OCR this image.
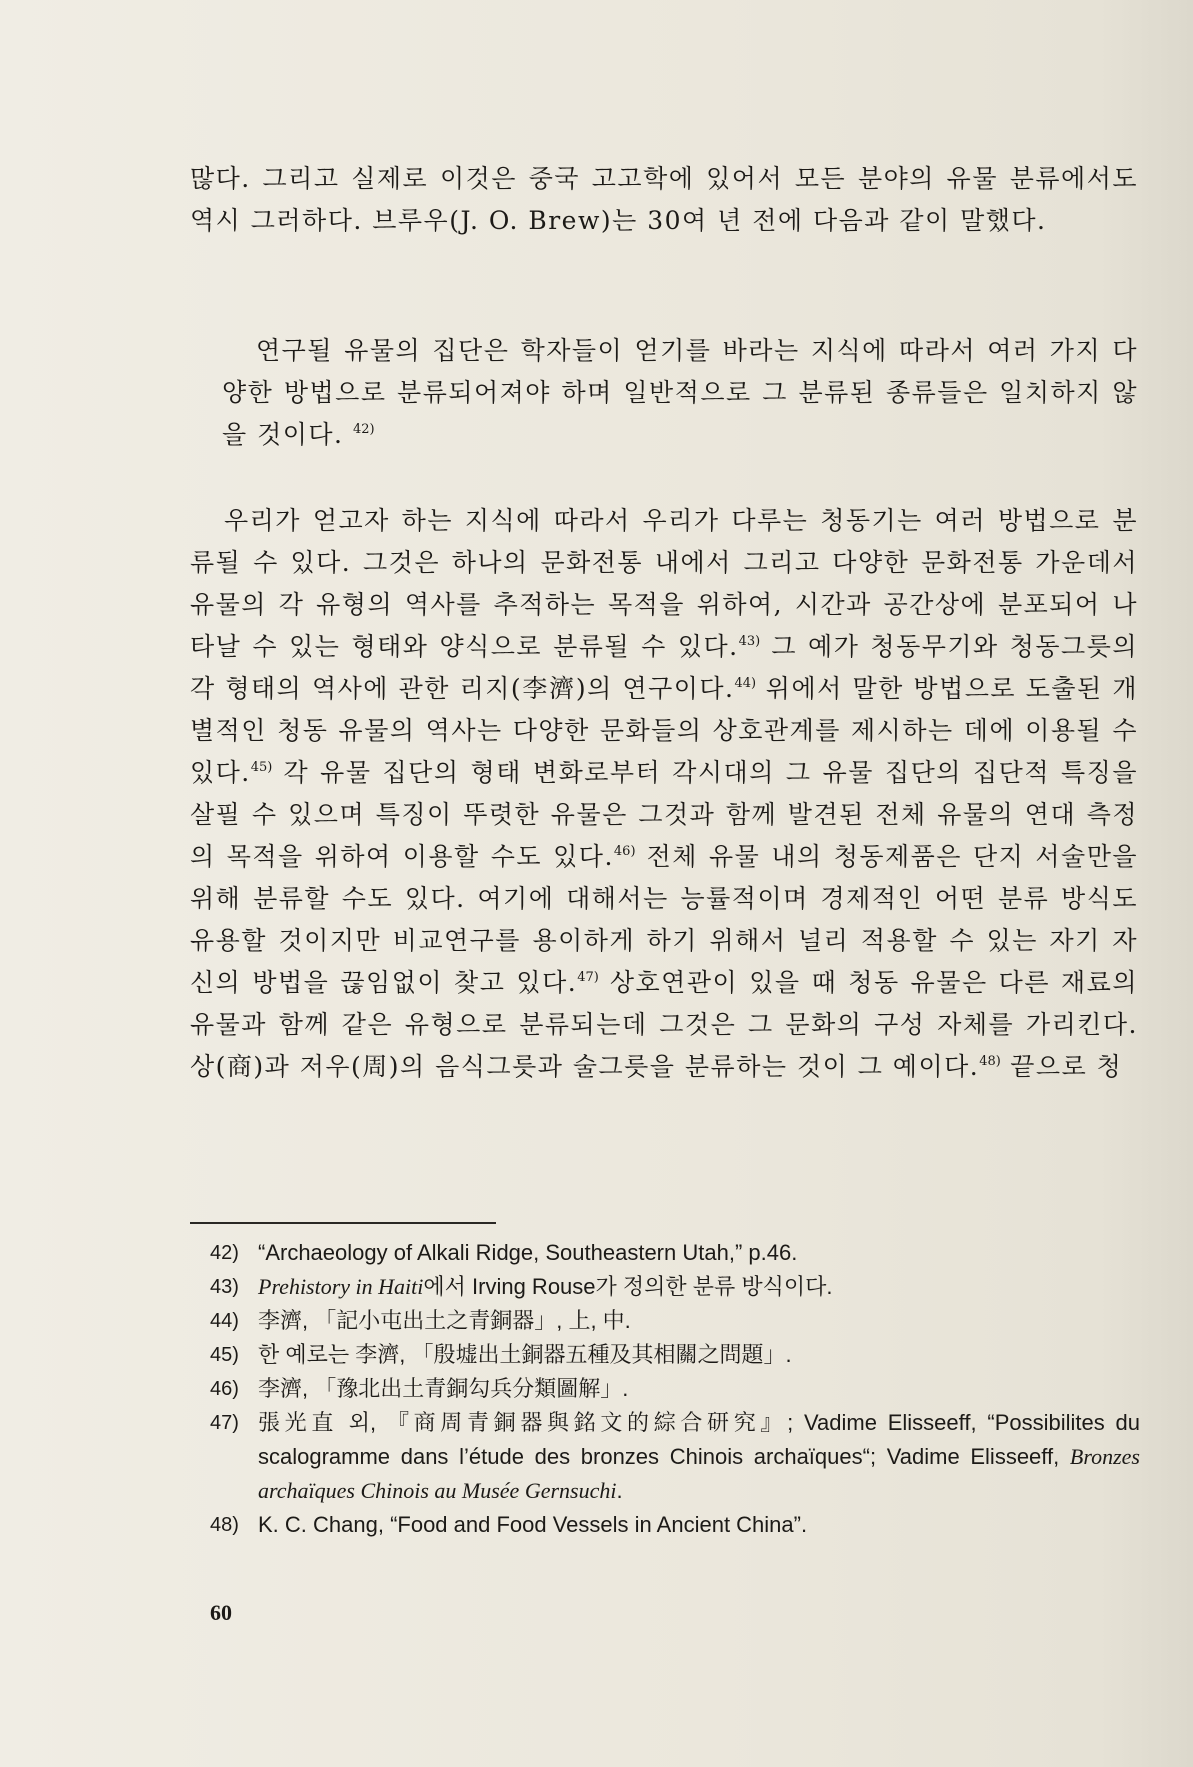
많다. 그리고 실제로 이것은 중국 고고학에 있어서 모든 분야의 유물 분류에서도 역시 그러하다. 브루우(J. O. Brew)는 30여 년 전에 다음과 같이 말했다.
연구될 유물의 집단은 학자들이 얻기를 바라는 지식에 따라서 여러 가지 다양한 방법으로 분류되어져야 하며 일반적으로 그 분류된 종류들은 일치하지 않을 것이다. $^{42)}$
우리가 얻고자 하는 지식에 따라서 우리가 다루는 청동기는 여러 방법으로 분류될 수 있다. 그것은 하나의 문화전통 내에서 그리고 다양한 문화전통 가운데서 유물의 각 유형의 역사를 추적하는 목적을 위하여, 시간과 공간상에 분포되어 나타날 수 있는 형태와 양식으로 분류될 수 있다.$^{43)}$ 그 예가 청동무기와 청동그릇의 각 형태의 역사에 관한 리지(李濟)의 연구이다.$^{44)}$ 위에서 말한 방법으로 도출된 개별적인 청동 유물의 역사는 다양한 문화들의 상호관계를 제시하는 데에 이용될 수 있다.$^{45)}$ 각 유물 집단의 형태 변화로부터 각시대의 그 유물 집단의 집단적 특징을 살필 수 있으며 특징이 뚜렷한 유물은 그것과 함께 발견된 전체 유물의 연대 측정의 목적을 위하여 이용할 수도 있다.$^{46)}$ 전체 유물 내의 청동제품은 단지 서술만을 위해 분류할 수도 있다. 여기에 대해서는 능률적이며 경제적인 어떤 분류 방식도 유용할 것이지만 비교연구를 용이하게 하기 위해서 널리 적용할 수 있는 자기 자신의 방법을 끊임없이 찾고 있다.$^{47)}$ 상호연관이 있을 때 청동 유물은 다른 재료의 유물과 함께 같은 유형으로 분류되는데 그것은 그 문화의 구성 자체를 가리킨다. 상(商)과 저우(周)의 음식그릇과 술그릇을 분류하는 것이 그 예이다.$^{48)}$ 끝으로 청
42) “Archaeology of Alkali Ridge, Southeastern Utah,” p.46.
43) Prehistory in Haiti에서 Irving Rouse가 정의한 분류 방식이다.
44) 李濟, 「記小屯出土之青銅器」, 上, 中.
45) 한 예로는 李濟, 「殷墟出土銅器五種及其相關之問題」.
46) 李濟, 「豫北出土青銅勾兵分類圖解」.
47) 張光直 외, 『商周青銅器與銘文的綜合研究』; Vadime Elisseeff, “Possibilites du scalogramme dans l’étude des bronzes Chinois archaïques“; Vadime Elisseeff, Bronzes archaïques Chinois au Musée Gernsuchi.
48) K. C. Chang, “Food and Food Vessels in Ancient China”.
60
